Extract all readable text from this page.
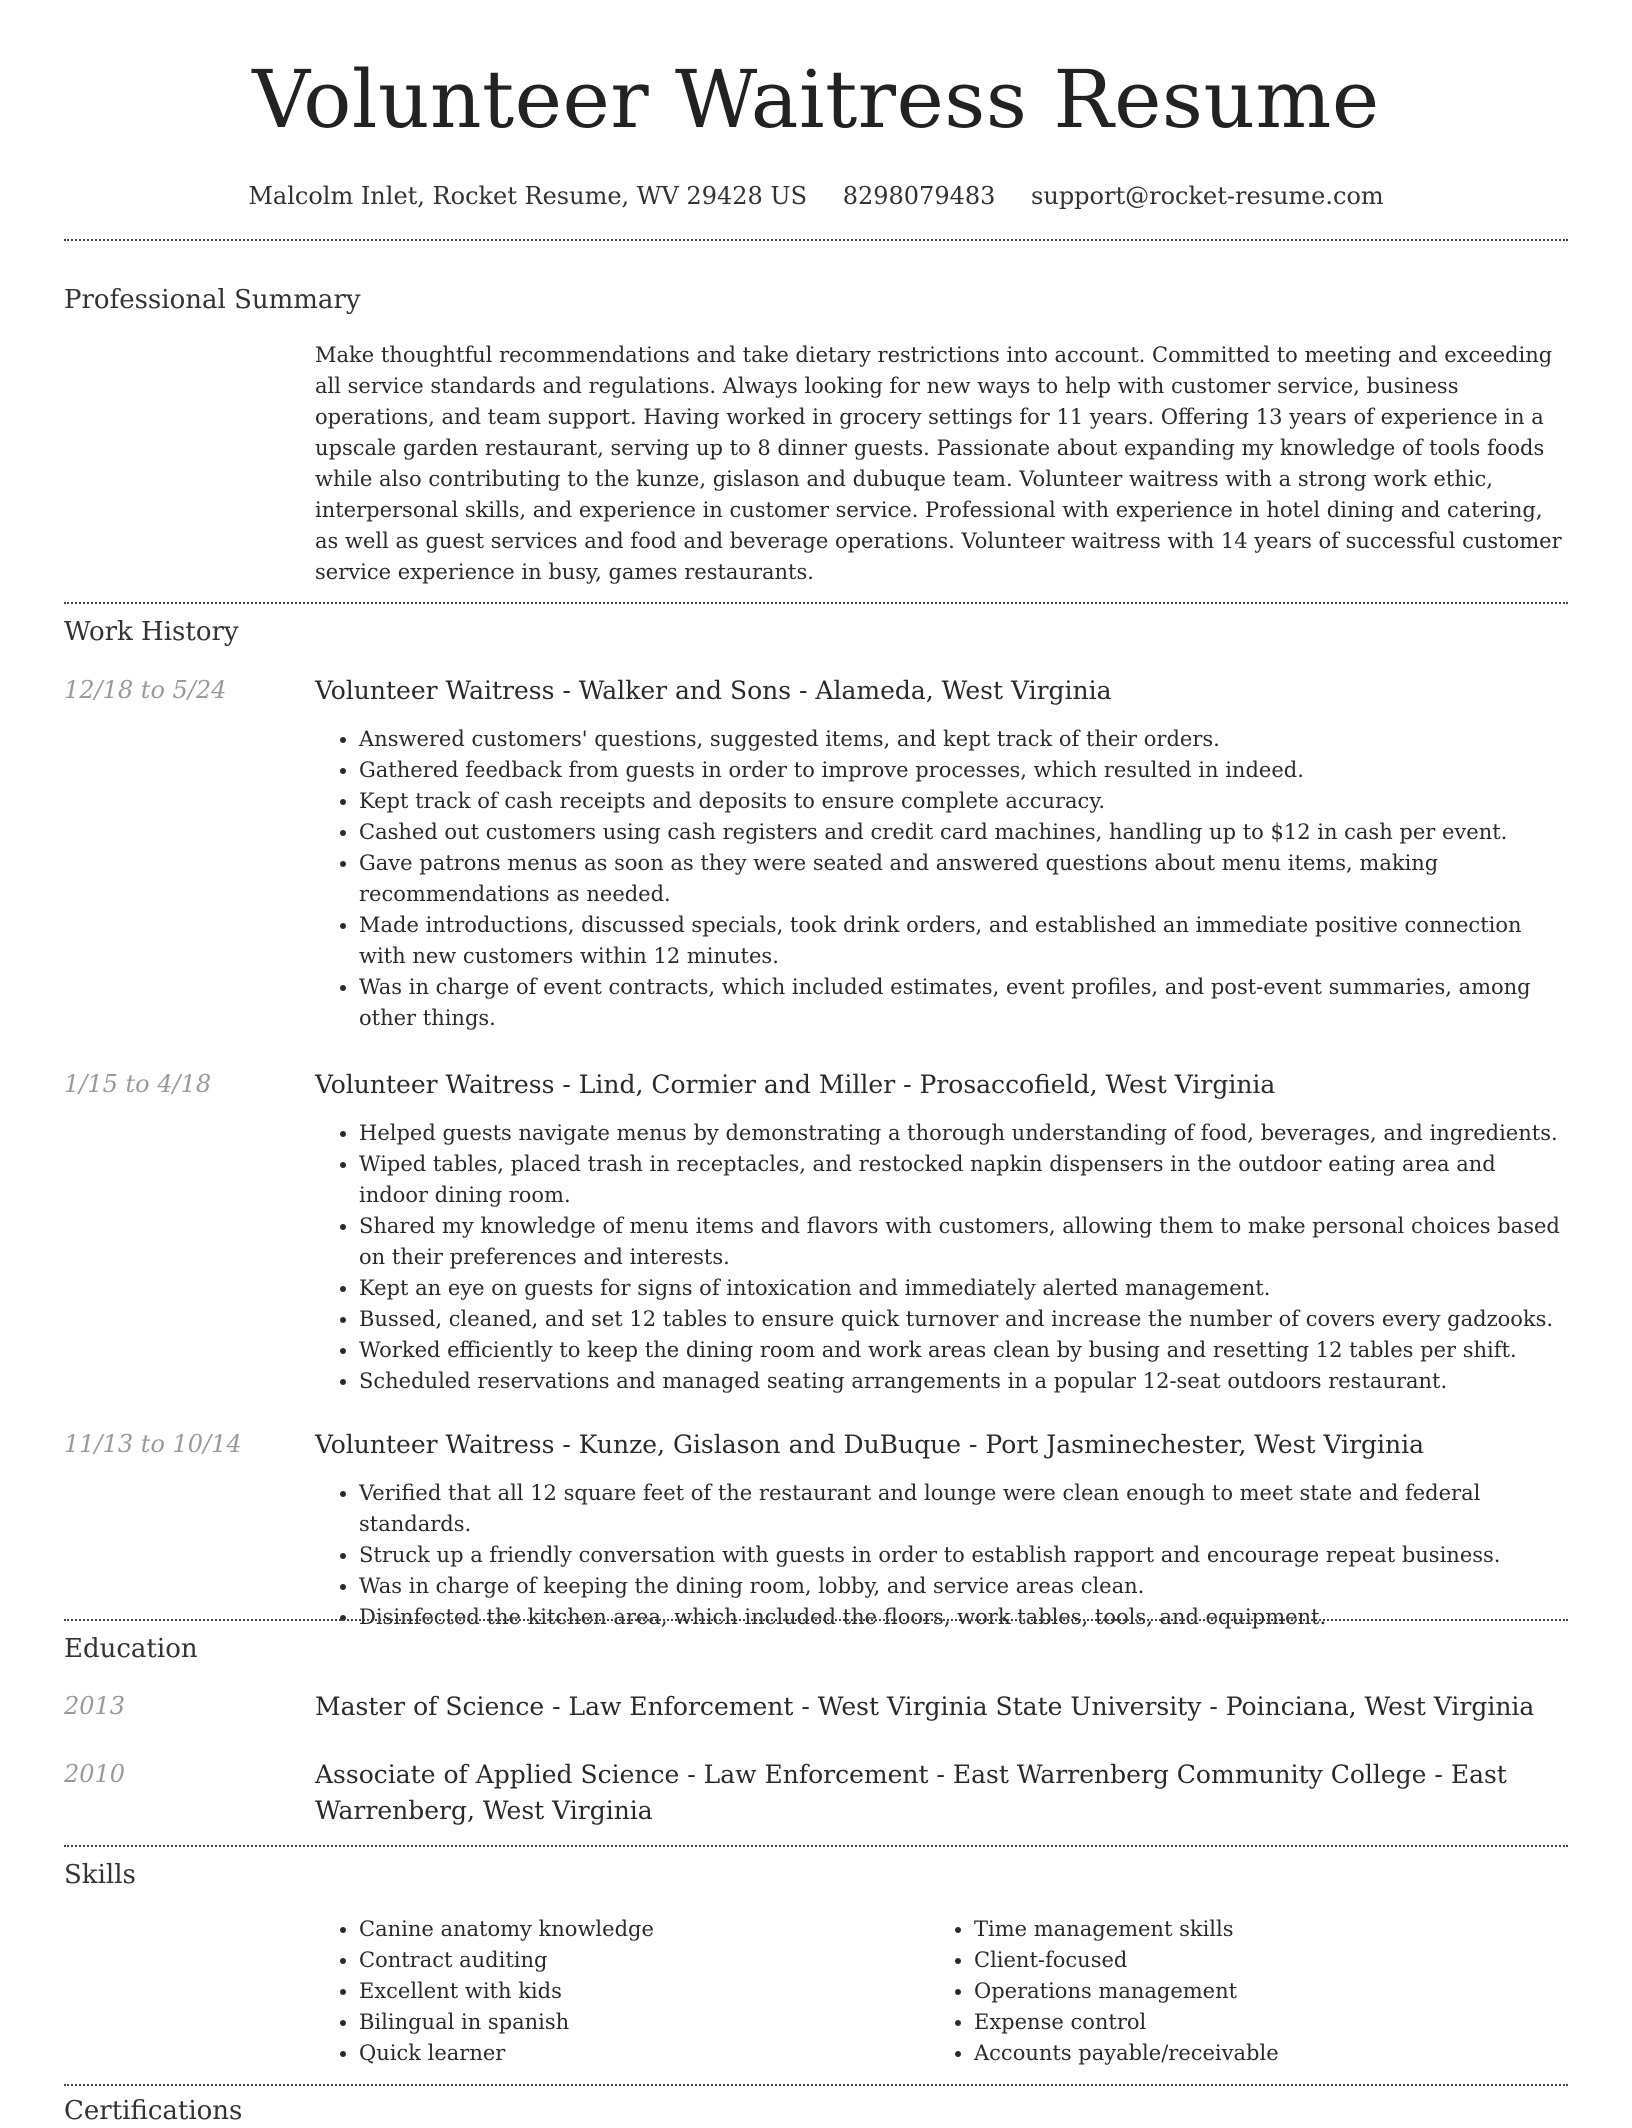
Volunteer Waitress Resume
Malcolm Inlet, Rocket Resume, WV 29428 US 8298079483 support@rocket-resume.com
Professional Summary
Make thoughtful recommendations and take dietary restrictions into account. Committed to meeting and exceeding all service standards and regulations. Always looking for new ways to help with customer service, business operations, and team support. Having worked in grocery settings for 11 years. Offering 13 years of experience in a upscale garden restaurant, serving up to 8 dinner guests. Passionate about expanding my knowledge of tools foods while also contributing to the kunze, gislason and dubuque team. Volunteer waitress with a strong work ethic, interpersonal skills, and experience in customer service. Professional with experience in hotel dining and catering, as well as guest services and food and beverage operations. Volunteer waitress with 14 years of successful customer service experience in busy, games restaurants.
Work History
12/18 to 5/24	Volunteer Waitress - Walker and Sons - Alameda, West Virginia
• Answered customers' questions, suggested items, and kept track of their orders.
• Gathered feedback from guests in order to improve processes, which resulted in indeed.
• Kept track of cash receipts and deposits to ensure complete accuracy.
• Cashed out customers using cash registers and credit card machines, handling up to $12 in cash per event.
• Gave patrons menus as soon as they were seated and answered questions about menu items, making recommendations as needed.
• Made introductions, discussed specials, took drink orders, and established an immediate positive connection with new customers within 12 minutes.
• Was in charge of event contracts, which included estimates, event profiles, and post-event summaries, among other things.
1/15 to 4/18	Volunteer Waitress - Lind, Cormier and Miller - Prosaccofield, West Virginia
• Helped guests navigate menus by demonstrating a thorough understanding of food, beverages, and ingredients.
• Wiped tables, placed trash in receptacles, and restocked napkin dispensers in the outdoor eating area and indoor dining room.
• Shared my knowledge of menu items and flavors with customers, allowing them to make personal choices based on their preferences and interests.
• Kept an eye on guests for signs of intoxication and immediately alerted management.
• Bussed, cleaned, and set 12 tables to ensure quick turnover and increase the number of covers every gadzooks.
• Worked efficiently to keep the dining room and work areas clean by busing and resetting 12 tables per shift.
• Scheduled reservations and managed seating arrangements in a popular 12-seat outdoors restaurant.
11/13 to 10/14	Volunteer Waitress - Kunze, Gislason and DuBuque - Port Jasminechester, West Virginia
• Verified that all 12 square feet of the restaurant and lounge were clean enough to meet state and federal standards.
• Struck up a friendly conversation with guests in order to establish rapport and encourage repeat business.
• Was in charge of keeping the dining room, lobby, and service areas clean.
• Disinfected the kitchen area, which included the floors, work tables, tools, and equipment.
Education
2013	Master of Science - Law Enforcement - West Virginia State University - Poinciana, West Virginia
2010	Associate of Applied Science - Law Enforcement - East Warrenberg Community College - East Warrenberg, West Virginia
Skills
• Canine anatomy knowledge
• Contract auditing
• Excellent with kids
• Bilingual in spanish
• Quick learner
• Time management skills
• Client-focused
• Operations management
• Expense control
• Accounts payable/receivable
Certifications
